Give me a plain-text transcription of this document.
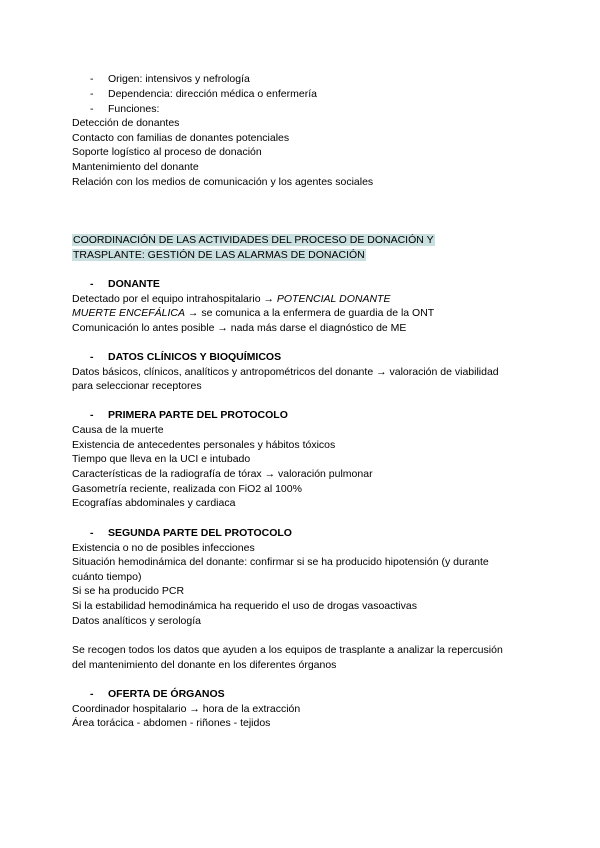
- Origen: intensivos y nefrología
- Dependencia: dirección médica o enfermería
- Funciones:
Detección de donantes
Contacto con familias de donantes potenciales
Soporte logístico al proceso de donación
Mantenimiento del donante
Relación con los medios de comunicación y los agentes sociales
COORDINACIÓN DE LAS ACTIVIDADES DEL PROCESO DE DONACIÓN Y
TRASPLANTE: GESTIÓN DE LAS ALARMAS DE DONACIÓN
- DONANTE
Detectado por el equipo intrahospitalario → POTENCIAL DONANTE
MUERTE ENCEFÁLICA → se comunica a la enfermera de guardia de la ONT
Comunicación lo antes posible → nada más darse el diagnóstico de ME
- DATOS CLÍNICOS Y BIOQUÍMICOS
Datos básicos, clínicos, analíticos y antropométricos del donante → valoración de viabilidad
para seleccionar receptores
- PRIMERA PARTE DEL PROTOCOLO
Causa de la muerte
Existencia de antecedentes personales y hábitos tóxicos
Tiempo que lleva en la UCI e intubado
Características de la radiografía de tórax → valoración pulmonar
Gasometría reciente, realizada con FiO2 al 100%
Ecografías abdominales y cardiaca
- SEGUNDA PARTE DEL PROTOCOLO
Existencia o no de posibles infecciones
Situación hemodinámica del donante: confirmar si se ha producido hipotensión (y durante
cuánto tiempo)
Si se ha producido PCR
Si la estabilidad hemodinámica ha requerido el uso de drogas vasoactivas
Datos analíticos y serología
Se recogen todos los datos que ayuden a los equipos de trasplante a analizar la repercusión
del mantenimiento del donante en los diferentes órganos
- OFERTA DE ÓRGANOS
Coordinador hospitalario → hora de la extracción
Área torácica - abdomen - riñones - tejidos
